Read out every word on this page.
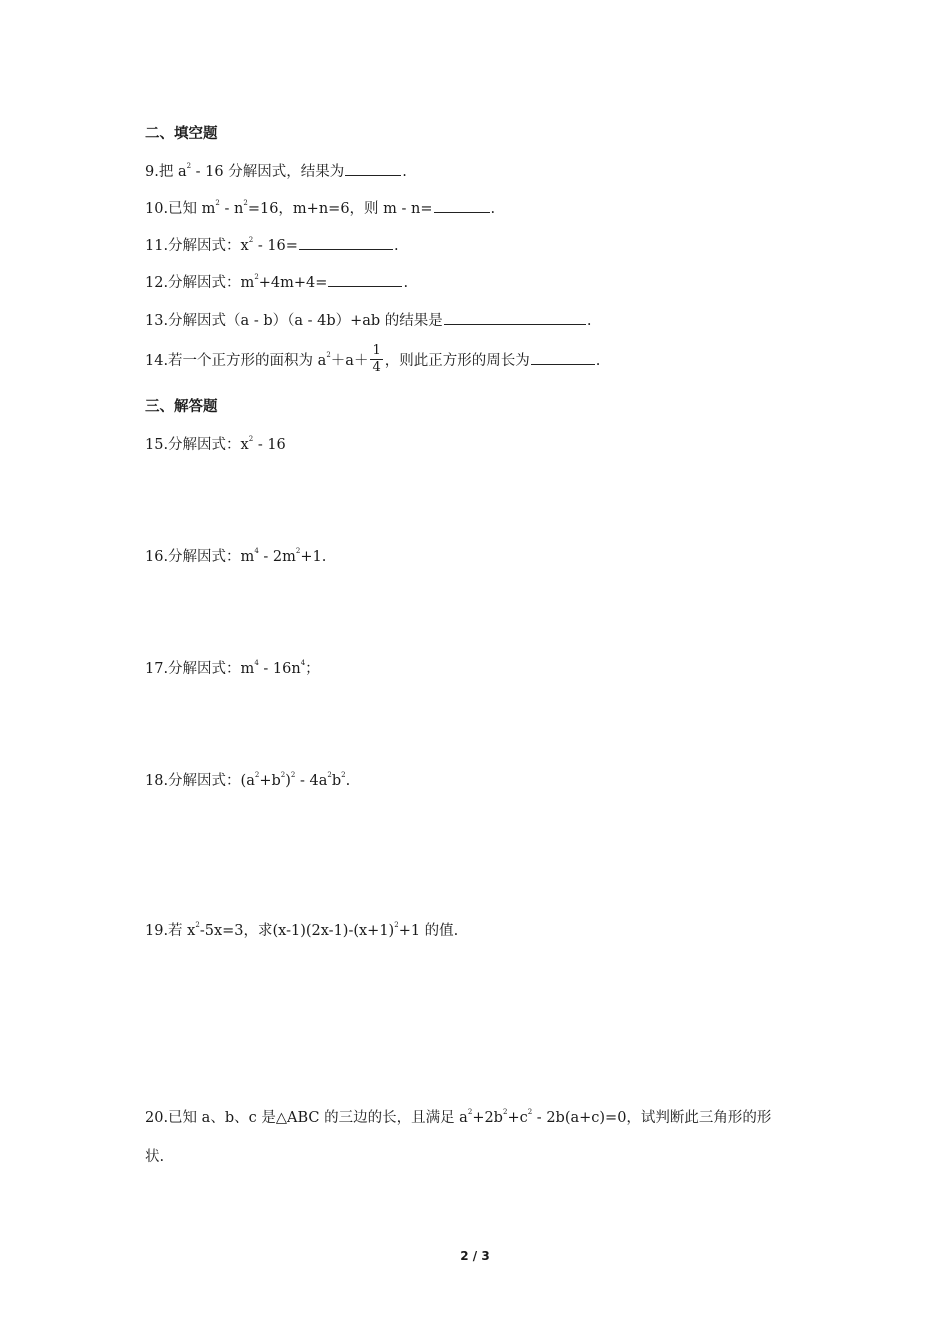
二、填空题
9.把 $a^2 - 16$ 分解因式，结果为	.
10.已知 $m^2 - n^2=16$，m+n=6，则 m - n=	.
11.分解因式：$x^2 - 16=$	.
12.分解因式：$m^2+4m+4=$	.
13.分解因式（a - b）（a - 4b）+ab 的结果是	.
14.若一个正方形的面积为 $a^2+a+ \frac{1}{4}$ ，则此正方形的周长为	.
三、解答题
15.分解因式：$x^2 - 16$
16.分解因式：$m^4 - 2m^2+1$.
17.分解因式：$m^4 - 16n^4$；
18.分解因式：$(a^2+b^2)^2 - 4a^2b^2$.
19.若 $x^2-5x=3$，求$(x-1)(2x-1)-(x+1)^2+1$ 的值.
20.已知 a、b、c 是△ABC 的三边的长，且满足 $a^2+2b^2+c^2 - 2b(a+c)=0$，试判断此三角形的形
状.
2 / 3
